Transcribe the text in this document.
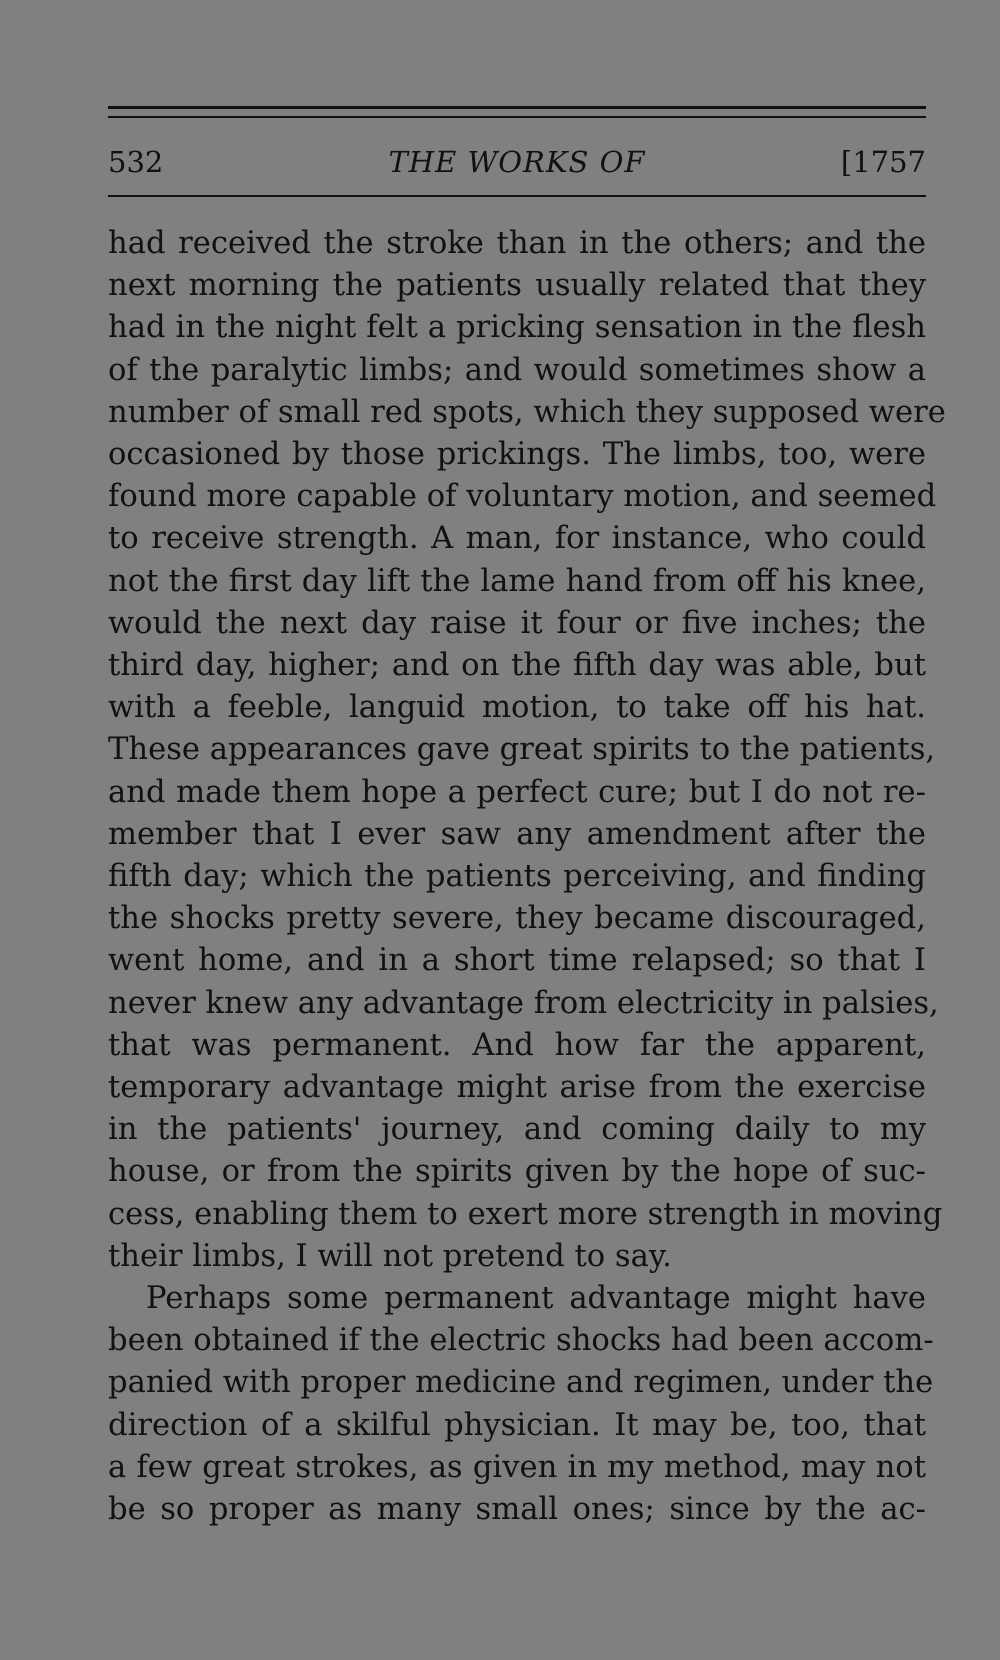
532	THE WORKS OF	[1757

had received the stroke than in the others; and the
next morning the patients usually related that they
had in the night felt a pricking sensation in the flesh
of the paralytic limbs; and would sometimes show a
number of small red spots, which they supposed were
occasioned by those prickings. The limbs, too, were
found more capable of voluntary motion, and seemed
to receive strength. A man, for instance, who could
not the first day lift the lame hand from off his knee,
would the next day raise it four or five inches; the
third day, higher; and on the fifth day was able, but
with a feeble, languid motion, to take off his hat.
These appearances gave great spirits to the patients,
and made them hope a perfect cure; but I do not re-
member that I ever saw any amendment after the
fifth day; which the patients perceiving, and finding
the shocks pretty severe, they became discouraged,
went home, and in a short time relapsed; so that I
never knew any advantage from electricity in palsies,
that was permanent. And how far the apparent,
temporary advantage might arise from the exercise
in the patients' journey, and coming daily to my
house, or from the spirits given by the hope of suc-
cess, enabling them to exert more strength in moving
their limbs, I will not pretend to say.

Perhaps some permanent advantage might have
been obtained if the electric shocks had been accom-
panied with proper medicine and regimen, under the
direction of a skilful physician. It may be, too, that
a few great strokes, as given in my method, may not
be so proper as many small ones; since by the ac-
